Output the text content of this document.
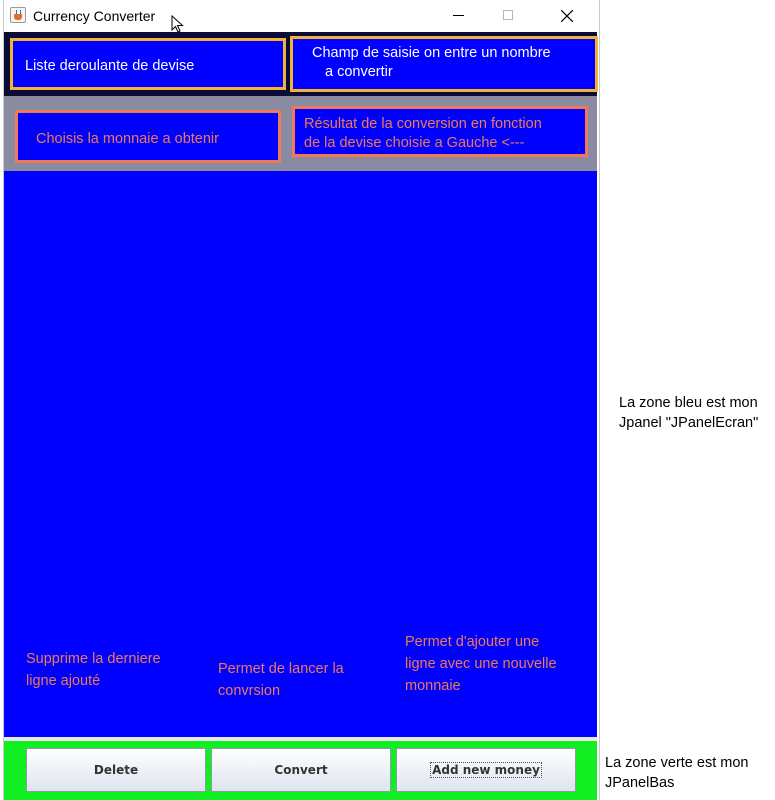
Currency Converter
Liste deroulante de devise
Champ de saisie on entre un nombre
a convertir
Choisis la monnaie a obtenir
Résultat de la conversion en fonction
de la devise choisie a Gauche <---
Supprime la derniere
ligne ajouté
Permet de lancer la
convrsion
Permet d'ajouter une
ligne avec une nouvelle
monnaie
Delete	Convert	Add new money
La zone bleu est mon
Jpanel "JPanelEcran"
La zone verte est mon
JPanelBas
